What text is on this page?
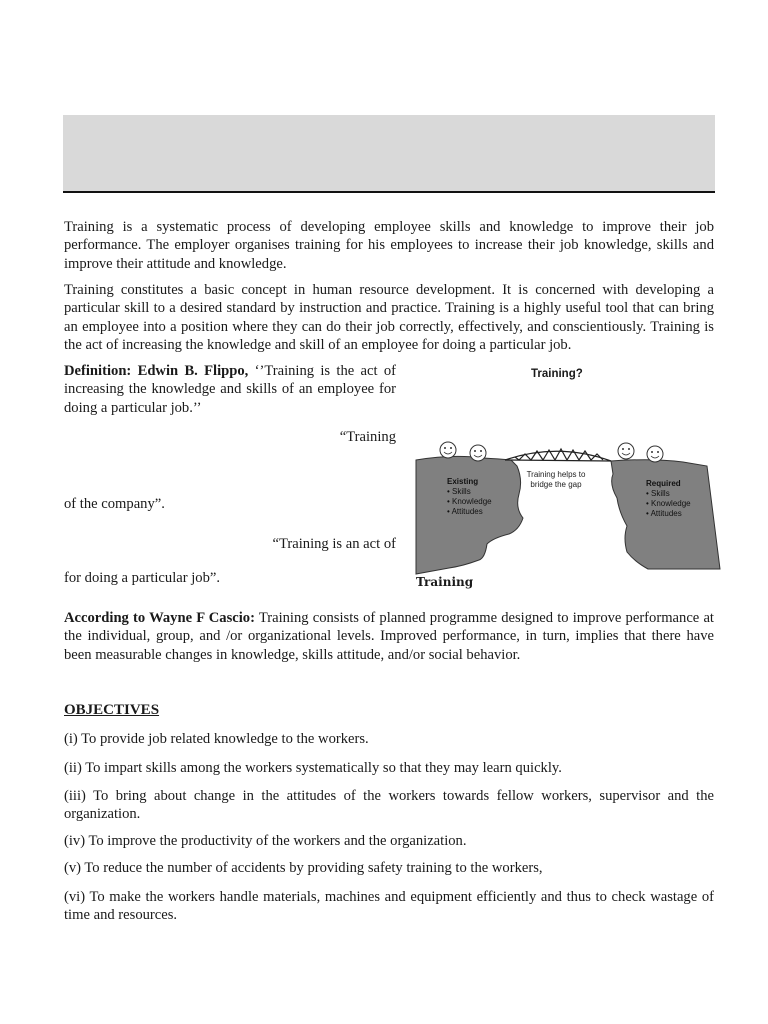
Training is a systematic process of developing employee skills and knowledge to improve their job performance. The employer organises training for his employees to increase their job knowledge, skills and improve their attitude and knowledge.

Training constitutes a basic concept in human resource development. It is concerned with developing a particular skill to a desired standard by instruction and practice. Training is a highly useful tool that can bring an employee into a position where they can do their job correctly, effectively, and conscientiously. Training is the act of increasing the knowledge and skill of an employee for doing a particular job.

Definition: Edwin B. Flippo, ‘’Training is the act of increasing the knowledge and skills of an employee for doing a particular job.’’

“Training
of the company”.
“Training is an act of
for doing a particular job”.
Training?
Training helps to bridge the gap
Existing
• Skills
• Knowledge
• Attitudes
Required
• Skills
• Knowledge
• Attitudes
Training

According to Wayne F Cascio: Training consists of planned programme designed to improve performance at the individual, group, and /or organizational levels. Improved performance, in turn, implies that there have been measurable changes in knowledge, skills attitude, and/or social behavior.

OBJECTIVES

(i) To provide job related knowledge to the workers.

(ii) To impart skills among the workers systematically so that they may learn quickly.

(iii) To bring about change in the attitudes of the workers towards fellow workers, supervisor and the organization.

(iv) To improve the productivity of the workers and the organization.

(v) To reduce the number of accidents by providing safety training to the workers,

(vi) To make the workers handle materials, machines and equipment efficiently and thus to check wastage of time and resources.
